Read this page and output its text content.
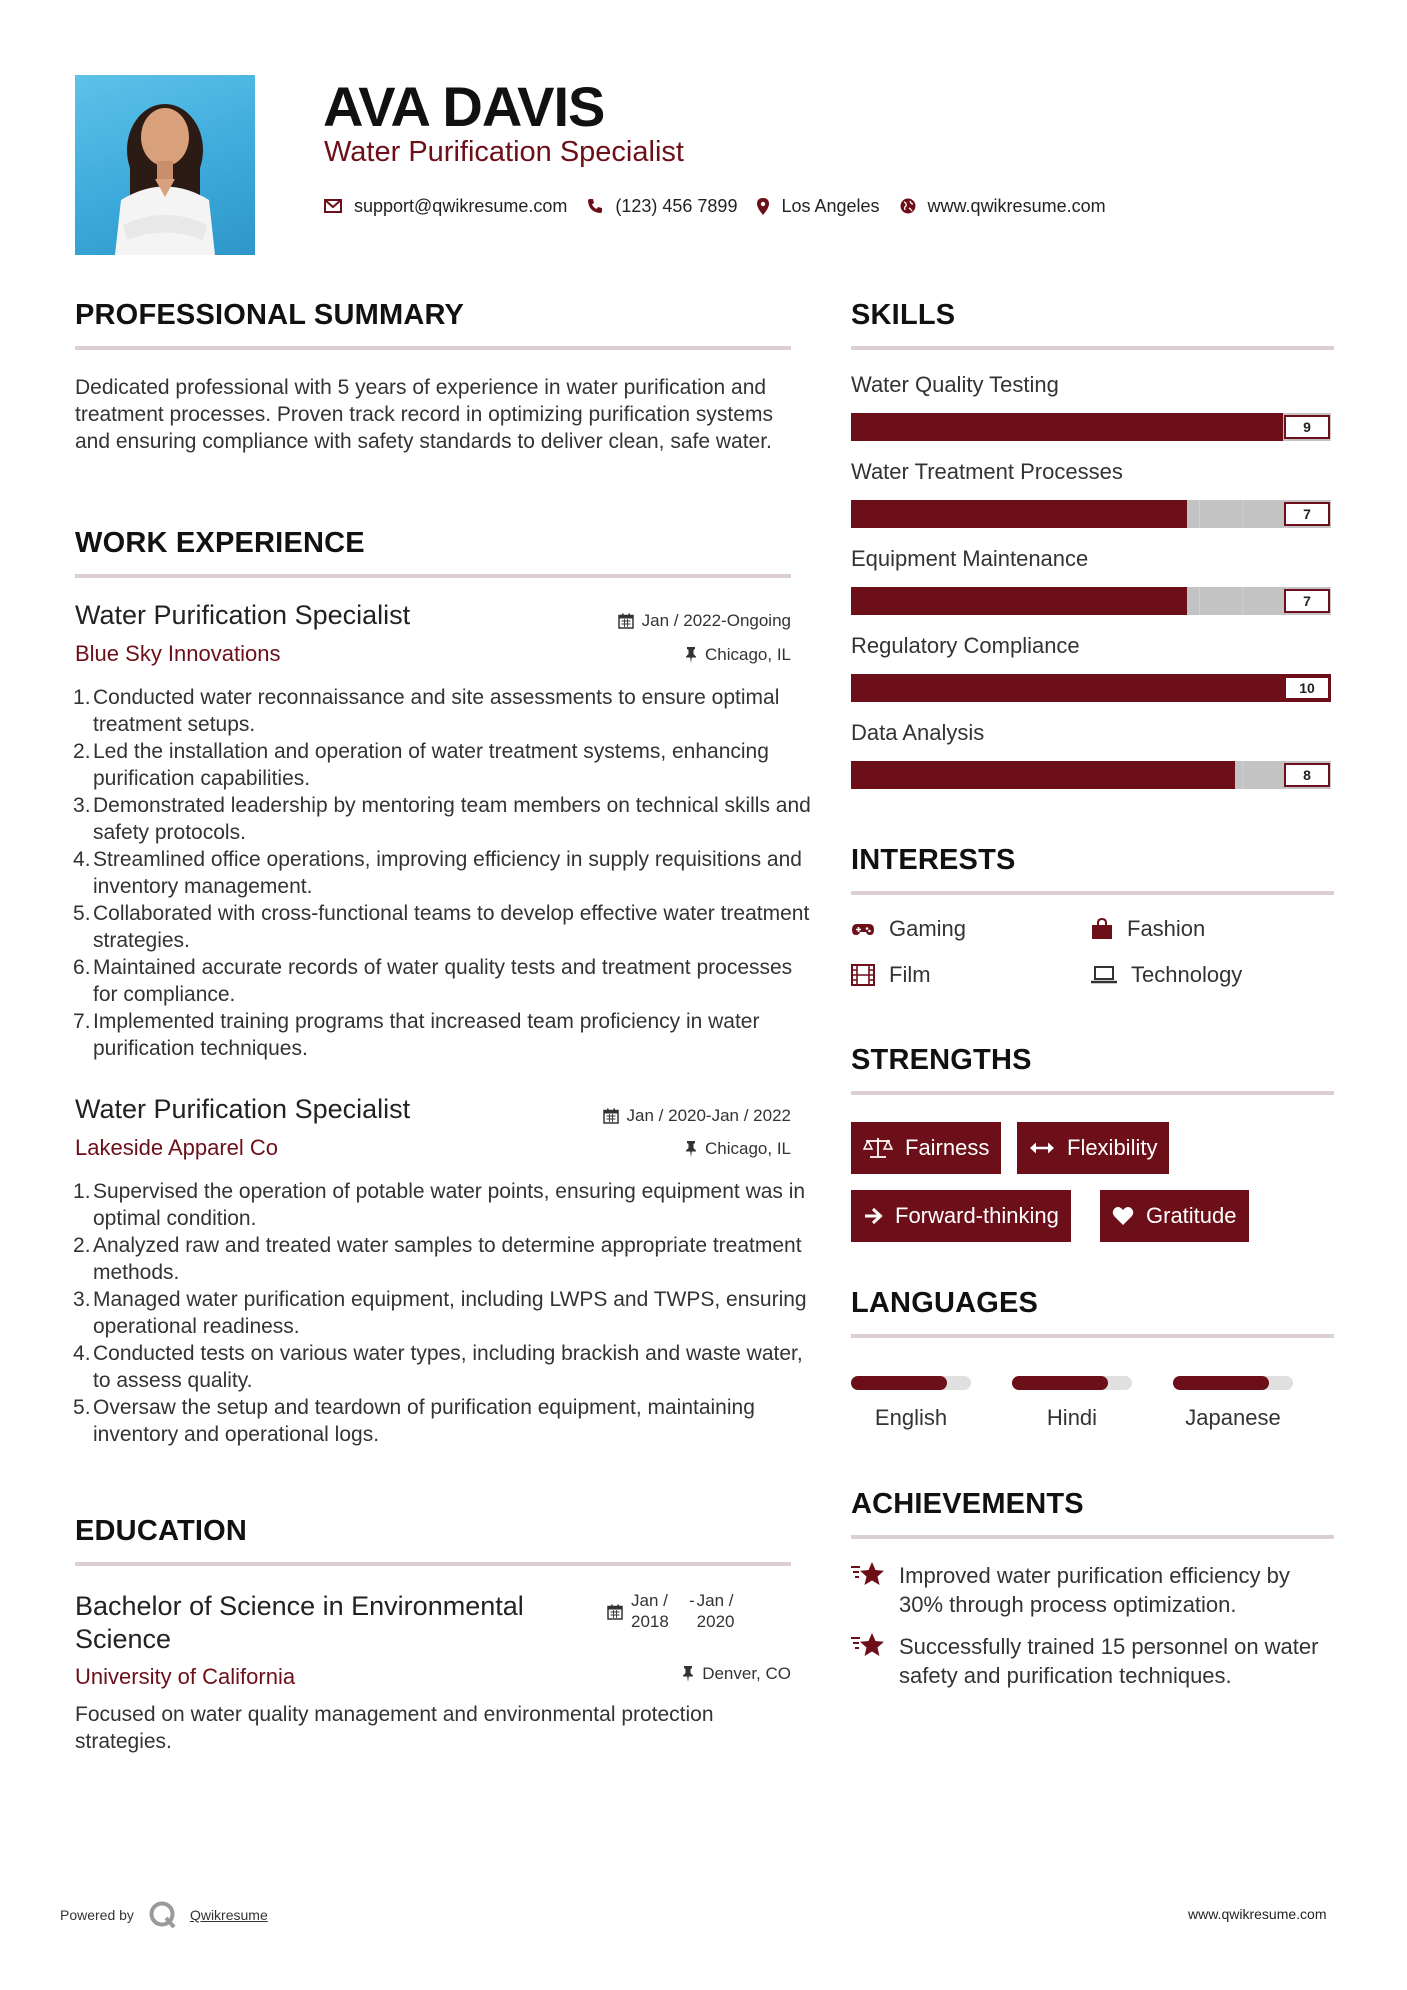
AVA DAVIS
Water Purification Specialist
support@qwikresume.com	(123) 456 7899 Los Angeles	www.qwikresume.com
PROFESSIONAL SUMMARY
Dedicated professional with 5 years of experience in water purification and treatment processes. Proven track record in optimizing purification systems and ensuring compliance with safety standards to deliver clean, safe water.
WORK EXPERIENCE
Water Purification Specialist	Jan / 2022-Ongoing
Blue Sky Innovations	Chicago, IL
Conducted water reconnaissance and site assessments to ensure optimal treatment setups.
Led the installation and operation of water treatment systems, enhancing purification capabilities.
Demonstrated leadership by mentoring team members on technical skills and safety protocols.
Streamlined office operations, improving efficiency in supply requisitions and inventory management.
Collaborated with cross-functional teams to develop effective water treatment strategies.
Maintained accurate records of water quality tests and treatment processes for compliance.
Implemented training programs that increased team proficiency in water purification techniques.
Water Purification Specialist	Jan / 2020-Jan / 2022
Lakeside Apparel Co	Chicago, IL
Supervised the operation of potable water points, ensuring equipment was in optimal condition.
Analyzed raw and treated water samples to determine appropriate treatment methods.
Managed water purification equipment, including LWPS and TWPS, ensuring operational readiness.
Conducted tests on various water types, including brackish and waste water, to assess quality.
Oversaw the setup and teardown of purification equipment, maintaining inventory and operational logs.
EDUCATION
Bachelor of Science in Environmental Science
Jan / 2018
- Jan / 2020
University of California	Denver, CO
Focused on water quality management and environmental protection strategies.
SKILLS
Water Quality Testing
9
Water Treatment Processes
7
Equipment Maintenance
7
Regulatory Compliance
10
Data Analysis
8
INTERESTS
Gaming	Fashion
Film	Technology
STRENGTHS
Fairness	Flexibility
Forward-thinking	Gratitude
LANGUAGES
English	Hindi	Japanese
ACHIEVEMENTS
Improved water purification efficiency by 30% through process optimization.
Successfully trained 15 personnel on water safety and purification techniques.
Powered by	Qwikresume	www.qwikresume.com
